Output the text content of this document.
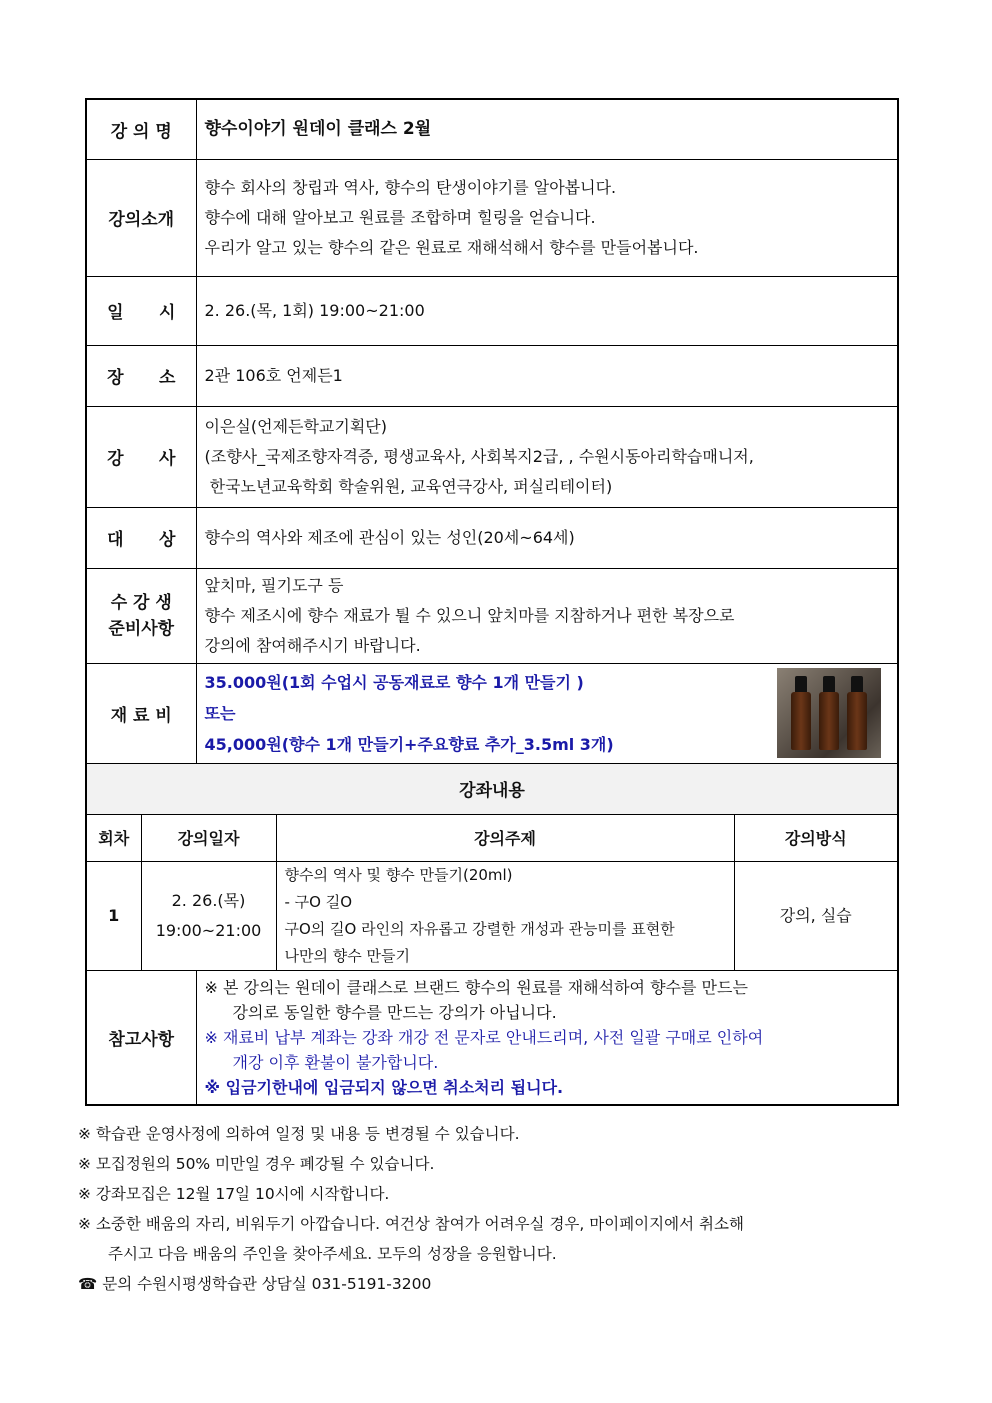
강 의 명		향수이야기 원데이 클래스 2월		
강의소개		향수 회사의 창립과 역사, 향수의 탄생이야기를 알아봅니다.
향수에 대해 알아보고 원료를 조합하며 힐링을 얻습니다.
우리가 알고 있는 향수의 같은 원료로 재해석해서 향수를 만들어봅니다.		

일      시		2. 26.(목, 1회) 19:00~21:00		
장      소		2관 106호 언제든1		
강      사		이은실(언제든학교기획단)
(조향사_국제조향자격증, 평생교육사, 사회복지2급, , 수원시동아리학습매니저,
한국노년교육학회 학술위원, 교육연극강사, 퍼실리테이터)		

대      상		향수의 역사와 제조에 관심이 있는 성인(20세~64세)		

수 강 생
준비사항		앞치마, 필기도구 등
향수 제조시에 향수 재료가 튈 수 있으니 앞치마를 지참하거나 편한 복장으로
강의에 참여해주시기 바랍니다.		

재 료 비		35.000원(1회 수업시 공동재료로 향수 1개 만들기 )
또는
45,000원(향수 1개 만들기+주요향료 추가_3.5ml 3개)		

강좌내용				
회차	강의일자		강의주제	강의방식
1	2. 26.(목)
19:00~21:00		향수의 역사 및 향수 만들기(20ml)
- 구O 길O
구O의 길O 라인의 자유롭고 강렬한 개성과 관능미를 표현한
나만의 향수 만들기	강의, 실습
참고사항		※ 본 강의는 원데이 클래스로 브랜드 향수의 원료를 재해석하여 향수를 만드는
강의로 동일한 향수를 만드는 강의가 아닙니다.
※ 재료비 납부 계좌는 강좌 개강 전 문자로 안내드리며, 사전 일괄 구매로 인하여
개강 이후 환불이 불가합니다.
※ 입금기한내에 입금되지 않으면 취소처리 됩니다.		
※ 학습관 운영사정에 의하여 일정 및 내용 등 변경될 수 있습니다.
※ 모집정원의 50% 미만일 경우 폐강될 수 있습니다.
※ 강좌모집은 12월 17일 10시에 시작합니다.
※ 소중한 배움의 자리, 비워두기 아깝습니다. 여건상 참여가 어려우실 경우, 마이페이지에서 취소해
주시고 다음 배움의 주인을 찾아주세요. 모두의 성장을 응원합니다.
☎ 문의 수원시평생학습관 상담실 031-5191-3200
